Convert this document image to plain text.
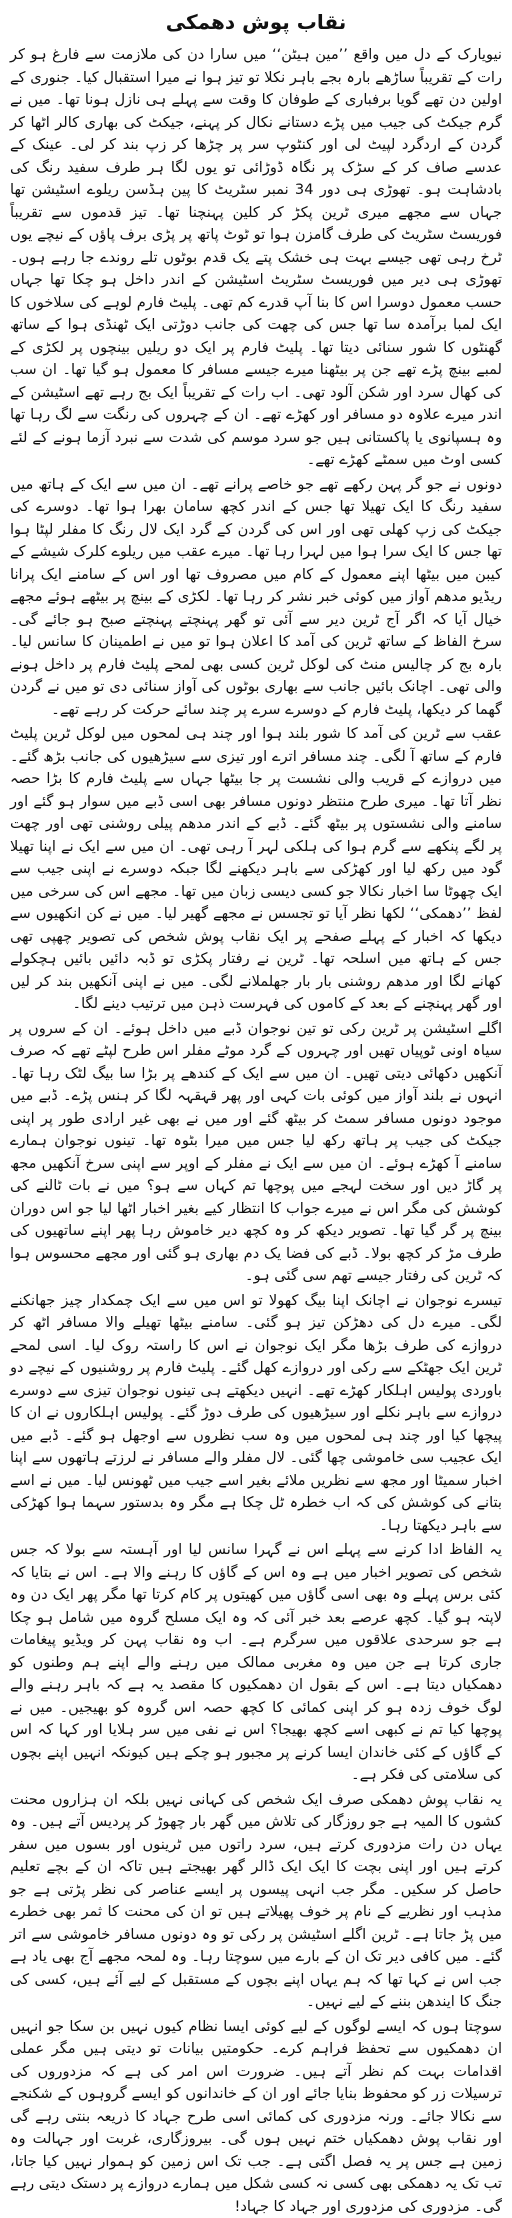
نقاب پوش دھمکی

نیویارک کے دل میں واقع ’’مین ہیٹن‘‘ میں سارا دن کی ملازمت سے فارغ ہو کر رات کے تقریباً ساڑھے بارہ بجے باہر نکلا تو تیز ہوا نے میرا استقبال کیا۔ جنوری کے اولین دن تھے گویا برفباری کے طوفان کا وقت سے پہلے ہی نازل ہونا تھا۔ میں نے گرم جیکٹ کی جیب میں پڑے دستانے نکال کر پہنے، جیکٹ کی بھاری کالر اٹھا کر گردن کے اردگرد لپیٹ لی اور کنٹوپ سر پر چڑھا کر زپ بند کر لی۔ عینک کے عدسے صاف کر کے سڑک پر نگاہ ڈوڑائی تو یوں لگا ہر طرف سفید رنگ کی بادشاہت ہو۔ تھوڑی ہی دور 34 نمبر سٹریٹ کا پین ہڈسن ریلوے اسٹیشن تھا جہاں سے مجھے میری ٹرین پکڑ کر کلین پہنچنا تھا۔ تیز قدموں سے تقریباً فوریسٹ سٹریٹ کی طرف گامزن ہوا تو ٹوٹ پاتھ پر پڑی برف پاؤں کے نیچے یوں ٹرخ رہی تھی جیسے بہت ہی خشک پتے یک قدم بوٹوں تلے روندے جا رہے ہوں۔ تھوڑی ہی دیر میں فوریسٹ سٹریٹ اسٹیشن کے اندر داخل ہو چکا تھا جہاں حسب معمول دوسرا اس کا بنا آپ قدرے کم تھی۔ پلیٹ فارم لوہے کی سلاخوں کا ایک لمبا برآمدہ سا تھا جس کی چھت کی جانب دوڑتی ایک ٹھنڈی ہوا کے ساتھ گھنٹوں کا شور سنائی دیتا تھا۔ پلیٹ فارم پر ایک دو ریلیں بینچوں پر لکڑی کے لمبے بینچ پڑے تھے جن پر بیٹھنا میرے جیسے مسافر کا معمول ہو گیا تھا۔ ان سب کی کھال سرد اور شکن آلود تھی۔ اب رات کے تقریباً ایک بج رہے تھے اسٹیشن کے اندر میرے علاوہ دو مسافر اور کھڑے تھے۔ ان کے چہروں کی رنگت سے لگ رہا تھا وہ ہسپانوی یا پاکستانی ہیں جو سرد موسم کی شدت سے نبرد آزما ہونے کے لئے کسی اوٹ میں سمٹے کھڑے تھے۔

دونوں نے جو گر پہن رکھے تھے جو خاصے پرانے تھے۔ ان میں سے ایک کے ہاتھ میں سفید رنگ کا ایک تھیلا تھا جس کے اندر کچھ سامان بھرا ہوا تھا۔ دوسرے کی جیکٹ کی زپ کھلی تھی اور اس کی گردن کے گرد ایک لال رنگ کا مفلر لپٹا ہوا تھا جس کا ایک سرا ہوا میں لہرا رہا تھا۔ میرے عقب میں ریلوے کلرک شیشے کے کیبن میں بیٹھا اپنے معمول کے کام میں مصروف تھا اور اس کے سامنے ایک پرانا ریڈیو مدھم آواز میں کوئی خبر نشر کر رہا تھا۔ لکڑی کے بینچ پر بیٹھے ہوئے مجھے خیال آیا کہ اگر آج ٹرین دیر سے آئی تو گھر پہنچتے پہنچتے صبح ہو جائے گی۔ سرخ الفاظ کے ساتھ ٹرین کی آمد کا اعلان ہوا تو میں نے اطمینان کا سانس لیا۔ بارہ بج کر چالیس منٹ کی لوکل ٹرین کسی بھی لمحے پلیٹ فارم پر داخل ہونے والی تھی۔ اچانک بائیں جانب سے بھاری بوٹوں کی آواز سنائی دی تو میں نے گردن گھما کر دیکھا، پلیٹ فارم کے دوسرے سرے پر چند سائے حرکت کر رہے تھے۔

عقب سے ٹرین کی آمد کا شور بلند ہوا اور چند ہی لمحوں میں لوکل ٹرین پلیٹ فارم کے ساتھ آ لگی۔ چند مسافر اترے اور تیزی سے سیڑھیوں کی جانب بڑھ گئے۔ میں دروازے کے قریب والی نشست پر جا بیٹھا جہاں سے پلیٹ فارم کا بڑا حصہ نظر آتا تھا۔ میری طرح منتظر دونوں مسافر بھی اسی ڈبے میں سوار ہو گئے اور سامنے والی نشستوں پر بیٹھ گئے۔ ڈبے کے اندر مدھم پیلی روشنی تھی اور چھت پر لگے پنکھے سے گرم ہوا کی ہلکی لہر آ رہی تھی۔ ان میں سے ایک نے اپنا تھیلا گود میں رکھ لیا اور کھڑکی سے باہر دیکھنے لگا جبکہ دوسرے نے اپنی جیب سے ایک چھوٹا سا اخبار نکالا جو کسی دیسی زبان میں تھا۔ مجھے اس کی سرخی میں لفظ ’’دھمکی‘‘ لکھا نظر آیا تو تجسس نے مجھے گھیر لیا۔ میں نے کن انکھیوں سے دیکھا کہ اخبار کے پہلے صفحے پر ایک نقاب پوش شخص کی تصویر چھپی تھی جس کے ہاتھ میں اسلحہ تھا۔ ٹرین نے رفتار پکڑی تو ڈبہ دائیں بائیں ہچکولے کھانے لگا اور مدھم روشنی بار بار جھلملانے لگی۔ میں نے اپنی آنکھیں بند کر لیں اور گھر پہنچنے کے بعد کے کاموں کی فہرست ذہن میں ترتیب دینے لگا۔

اگلے اسٹیشن پر ٹرین رکی تو تین نوجوان ڈبے میں داخل ہوئے۔ ان کے سروں پر سیاہ اونی ٹوپیاں تھیں اور چہروں کے گرد موٹے مفلر اس طرح لپٹے تھے کہ صرف آنکھیں دکھائی دیتی تھیں۔ ان میں سے ایک کے کندھے پر بڑا سا بیگ لٹک رہا تھا۔ انہوں نے بلند آواز میں کوئی بات کہی اور پھر قہقہہ لگا کر ہنس پڑے۔ ڈبے میں موجود دونوں مسافر سمٹ کر بیٹھ گئے اور میں نے بھی غیر ارادی طور پر اپنی جیکٹ کی جیب پر ہاتھ رکھ لیا جس میں میرا بٹوہ تھا۔ تینوں نوجوان ہمارے سامنے آ کھڑے ہوئے۔ ان میں سے ایک نے مفلر کے اوپر سے اپنی سرخ آنکھیں مجھ پر گاڑ دیں اور سخت لہجے میں پوچھا تم کہاں سے ہو؟ میں نے بات ٹالنے کی کوشش کی مگر اس نے میرے جواب کا انتظار کیے بغیر اخبار اٹھا لیا جو اس دوران بینچ پر گر گیا تھا۔ تصویر دیکھ کر وہ کچھ دیر خاموش رہا پھر اپنے ساتھیوں کی طرف مڑ کر کچھ بولا۔ ڈبے کی فضا یک دم بھاری ہو گئی اور مجھے محسوس ہوا کہ ٹرین کی رفتار جیسے تھم سی گئی ہو۔

تیسرے نوجوان نے اچانک اپنا بیگ کھولا تو اس میں سے ایک چمکدار چیز جھانکنے لگی۔ میرے دل کی دھڑکن تیز ہو گئی۔ سامنے بیٹھا تھیلے والا مسافر اٹھ کر دروازے کی طرف بڑھا مگر ایک نوجوان نے اس کا راستہ روک لیا۔ اسی لمحے ٹرین ایک جھٹکے سے رکی اور دروازے کھل گئے۔ پلیٹ فارم پر روشنیوں کے نیچے دو باوردی پولیس اہلکار کھڑے تھے۔ انہیں دیکھتے ہی تینوں نوجوان تیزی سے دوسرے دروازے سے باہر نکلے اور سیڑھیوں کی طرف دوڑ گئے۔ پولیس اہلکاروں نے ان کا پیچھا کیا اور چند ہی لمحوں میں وہ سب نظروں سے اوجھل ہو گئے۔ ڈبے میں ایک عجیب سی خاموشی چھا گئی۔ لال مفلر والے مسافر نے لرزتے ہاتھوں سے اپنا اخبار سمیٹا اور مجھ سے نظریں ملائے بغیر اسے جیب میں ٹھونس لیا۔ میں نے اسے بتانے کی کوشش کی کہ اب خطرہ ٹل چکا ہے مگر وہ بدستور سہما ہوا کھڑکی سے باہر دیکھتا رہا۔

یہ الفاظ ادا کرنے سے پہلے اس نے گہرا سانس لیا اور آہستہ سے بولا کہ جس شخص کی تصویر اخبار میں ہے وہ اس کے گاؤں کا رہنے والا ہے۔ اس نے بتایا کہ کئی برس پہلے وہ بھی اسی گاؤں میں کھیتوں پر کام کرتا تھا مگر پھر ایک دن وہ لاپتہ ہو گیا۔ کچھ عرصے بعد خبر آئی کہ وہ ایک مسلح گروہ میں شامل ہو چکا ہے جو سرحدی علاقوں میں سرگرم ہے۔ اب وہ نقاب پہن کر ویڈیو پیغامات جاری کرتا ہے جن میں وہ مغربی ممالک میں رہنے والے اپنے ہم وطنوں کو دھمکیاں دیتا ہے۔ اس کے بقول ان دھمکیوں کا مقصد یہ ہے کہ باہر رہنے والے لوگ خوف زدہ ہو کر اپنی کمائی کا کچھ حصہ اس گروہ کو بھیجیں۔ میں نے پوچھا کیا تم نے کبھی اسے کچھ بھیجا؟ اس نے نفی میں سر ہلایا اور کہا کہ اس کے گاؤں کے کئی خاندان ایسا کرنے پر مجبور ہو چکے ہیں کیونکہ انہیں اپنے بچوں کی سلامتی کی فکر ہے۔

یہ نقاب پوش دھمکی صرف ایک شخص کی کہانی نہیں بلکہ ان ہزاروں محنت کشوں کا المیہ ہے جو روزگار کی تلاش میں گھر بار چھوڑ کر پردیس آتے ہیں۔ وہ یہاں دن رات مزدوری کرتے ہیں، سرد راتوں میں ٹرینوں اور بسوں میں سفر کرتے ہیں اور اپنی بچت کا ایک ایک ڈالر گھر بھیجتے ہیں تاکہ ان کے بچے تعلیم حاصل کر سکیں۔ مگر جب انہی پیسوں پر ایسے عناصر کی نظر پڑتی ہے جو مذہب اور نظریے کے نام پر خوف پھیلاتے ہیں تو ان کی محنت کا ثمر بھی خطرے میں پڑ جاتا ہے۔ ٹرین اگلے اسٹیشن پر رکی تو وہ دونوں مسافر خاموشی سے اتر گئے۔ میں کافی دیر تک ان کے بارے میں سوچتا رہا۔ وہ لمحہ مجھے آج بھی یاد ہے جب اس نے کہا تھا کہ ہم یہاں اپنے بچوں کے مستقبل کے لیے آئے ہیں، کسی کی جنگ کا ایندھن بننے کے لیے نہیں۔

سوچتا ہوں کہ ایسے لوگوں کے لیے کوئی ایسا نظام کیوں نہیں بن سکا جو انہیں ان دھمکیوں سے تحفظ فراہم کرے۔ حکومتیں بیانات تو دیتی ہیں مگر عملی اقدامات بہت کم نظر آتے ہیں۔ ضرورت اس امر کی ہے کہ مزدوروں کی ترسیلات زر کو محفوظ بنایا جائے اور ان کے خاندانوں کو ایسے گروہوں کے شکنجے سے نکالا جائے۔ ورنہ مزدوری کی کمائی اسی طرح جہاد کا ذریعہ بنتی رہے گی اور نقاب پوش دھمکیاں ختم نہیں ہوں گی۔ بیروزگاری، غربت اور جہالت وہ زمین ہے جس پر یہ فصل اگتی ہے۔ جب تک اس زمین کو ہموار نہیں کیا جاتا، تب تک یہ دھمکی بھی کسی نہ کسی شکل میں ہمارے دروازے پر دستک دیتی رہے گی۔ مزدوری کی مزدوری اور جہاد کا جہاد!
